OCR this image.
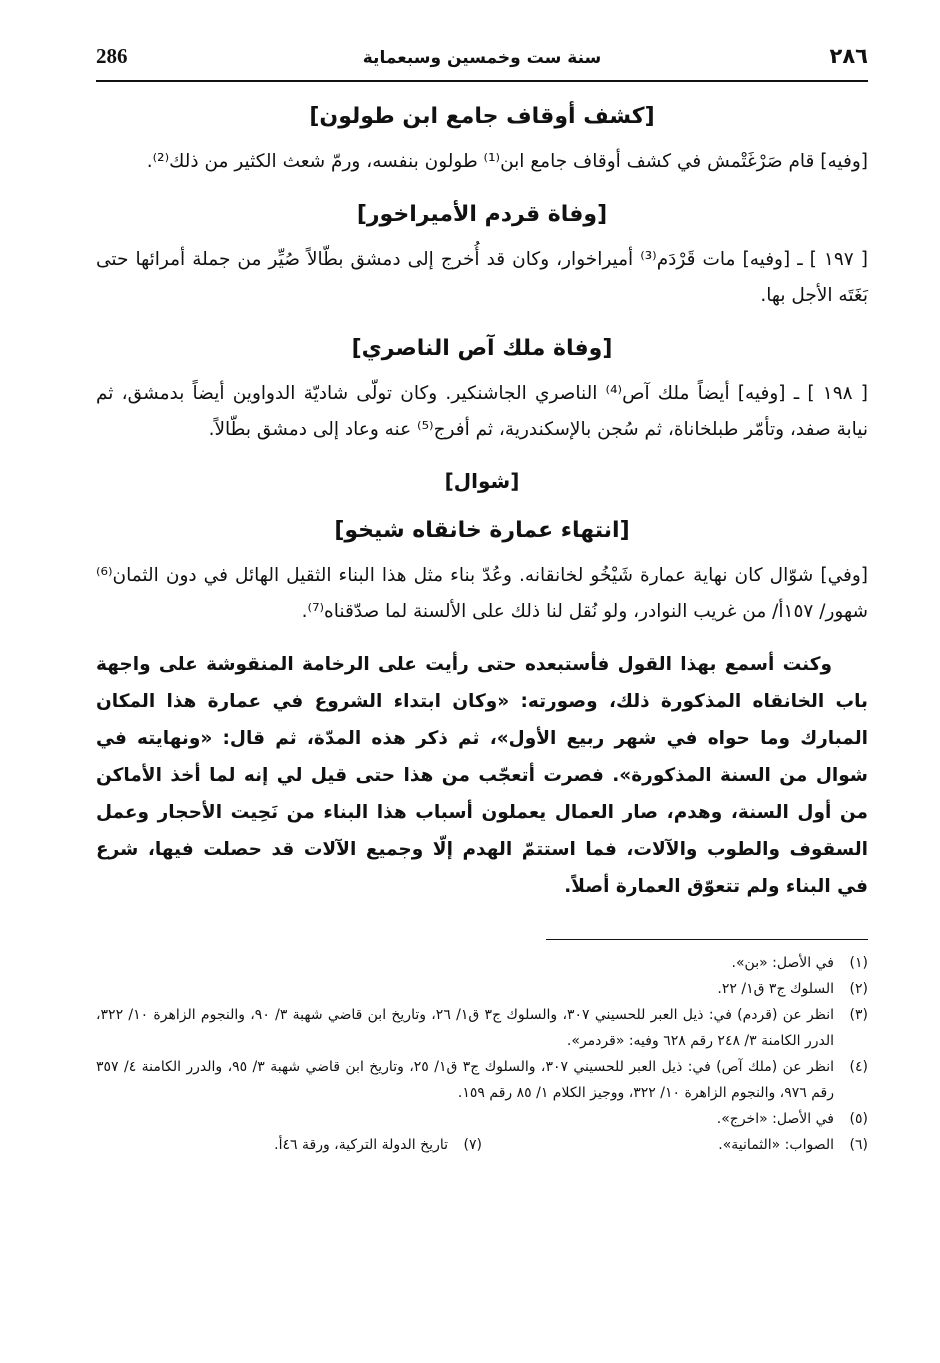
286	سنة ست وخمسين وسبعماية	٢٨٦
[كشف أوقاف جامع ابن طولون]

[وفيه] قام صَرْغَتْمش في كشف أوقاف جامع ابن⁽¹⁾ طولون بنفسه، ورمّ شعث الكثير من ذلك⁽²⁾.

[وفاة قردم الأميراخور]

[ ١٩٧ ] ـ [وفيه] مات قَرْدَم⁽³⁾ أميراخوار، وكان قد أُخرج إلى دمشق بطّالاً صُيِّر من جملة أمرائها حتى بَغَتَه الأجل بها.

[وفاة ملك آص الناصري]

[ ١٩٨ ] ـ [وفيه] أيضاً ملك آص⁽⁴⁾ الناصري الجاشنكير. وكان تولّى شاديّة الدواوين أيضاً بدمشق، ثم نيابة صفد، وتأمّر طبلخاناة، ثم سُجن بالإسكندرية، ثم أفرج⁽⁵⁾ عنه وعاد إلى دمشق بطّالاً.

[شوال]
[انتهاء عمارة خانقاه شيخو]

[وفي] شوّال كان نهاية عمارة شَيْخُو لخانقانه. وعُدّ بناء مثل هذا البناء الثقيل الهائل في دون الثمان⁽⁶⁾ شهور/ ١٥٧أ/ من غريب النوادر، ولو نُقل لنا ذلك على الألسنة لما صدّقناه⁽⁷⁾.

وكنت أسمع بهذا القول فأستبعده حتى رأيت على الرخامة المنقوشة على واجهة باب الخانقاه المذكورة ذلك، وصورته: «وكان ابتداء الشروع في عمارة هذا المكان المبارك وما حواه في شهر ربيع الأول»، ثم ذكر هذه المدّة، ثم قال: «ونهايته في شوال من السنة المذكورة». فصرت أتعجّب من هذا حتى قيل لي إنه لما أخذ الأماكن من أول السنة، وهدم، صار العمال يعملون أسباب هذا البناء من نَحِيت الأحجار وعمل السقوف والطوب والآلات، فما استتمّ الهدم إلّا وجميع الآلات قد حصلت فيها، شرع في البناء ولم تتعوّق العمارة أصلاً.

(١)
في الأصل: «بن».
(٢)
السلوك ج٣ ق١/ ٢٢.
(٣)
انظر عن (قردم) في: ذيل العبر للحسيني ٣٠٧، والسلوك ج٣ ق١/ ٢٦، وتاريخ ابن قاضي شهبة ٣/ ٩٠، والنجوم الزاهرة ١٠/ ٣٢٢، الدرر الكامنة ٣/ ٢٤٨ رقم ٦٢٨ وفيه: «قردمر».
(٤)
انظر عن (ملك آص) في: ذيل العبر للحسيني ٣٠٧، والسلوك ج٣ ق١/ ٢٥، وتاريخ ابن قاضي شهبة ٣/ ٩٥، والدرر الكامنة ٤/ ٣٥٧ رقم ٩٧٦، والنجوم الزاهرة ١٠/ ٣٢٢، ووجيز الكلام ١/ ٨٥ رقم ١٥٩.
(٥)
في الأصل: «اخرج».
(٦)
الصواب: «الثمانية».
(٧)
تاريخ الدولة التركية، ورقة ٤٦أ.
